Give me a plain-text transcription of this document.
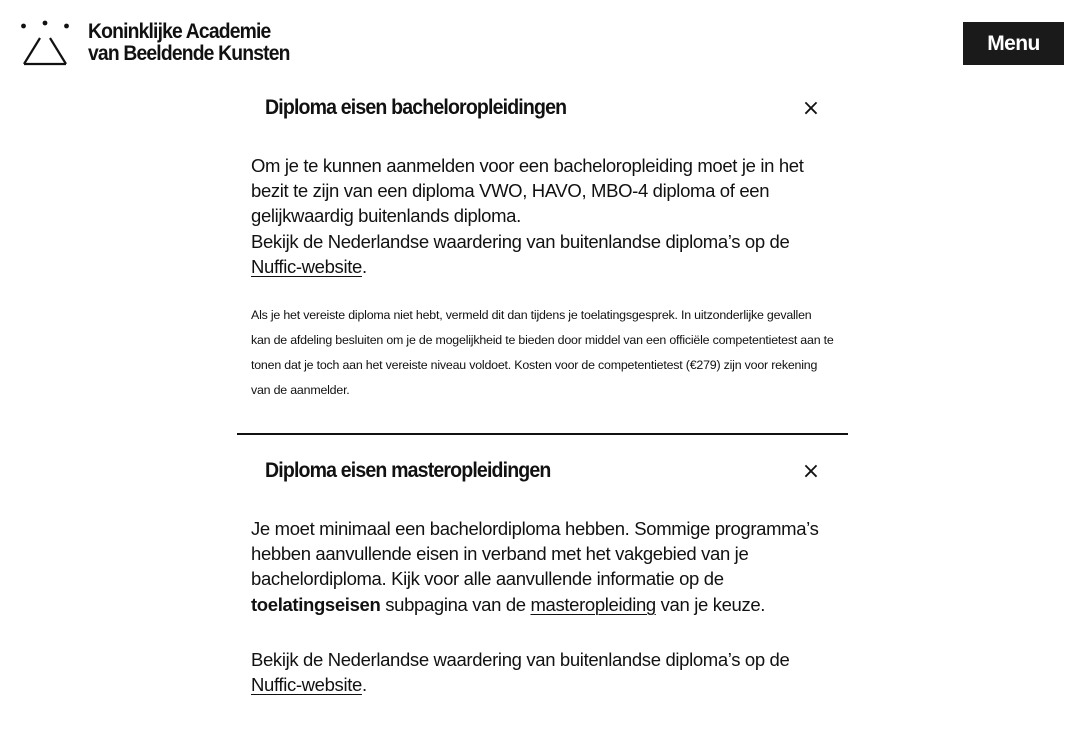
Koninklijke Academie
van Beeldende Kunsten	Menu
Diploma eisen bacheloropleidingen	×

Om je te kunnen aanmelden voor een bacheloropleiding moet je in het bezit te zijn van een diploma VWO, HAVO, MBO-4 diploma of een gelijkwaardig buitenlands diploma.

Bekijk de Nederlandse waardering van buitenlandse diploma’s op de Nuffic-website.

Als je het vereiste diploma niet hebt, vermeld dit dan tijdens je toelatingsgesprek. In uitzonderlijke gevallen kan de afdeling besluiten om je de mogelijkheid te bieden door middel van een officiële competentietest aan te tonen dat je toch aan het vereiste niveau voldoet. Kosten voor de competentietest (€279) zijn voor rekening van de aanmelder.

Diploma eisen masteropleidingen	×

Je moet minimaal een bachelordiploma hebben. Sommige programma’s hebben aanvullende eisen in verband met het vakgebied van je bachelordiploma. Kijk voor alle aanvullende informatie op de toelatingseisen subpagina van de masteropleiding van je keuze.

Bekijk de Nederlandse waardering van buitenlandse diploma’s op de Nuffic-website.
